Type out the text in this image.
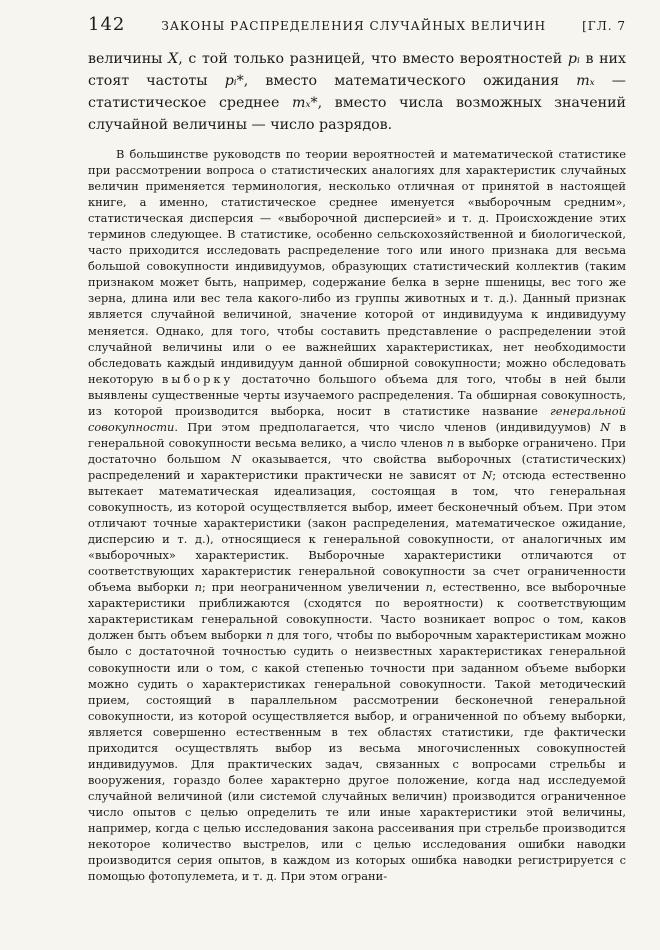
142	ЗАКОНЫ РАСПРЕДЕЛЕНИЯ СЛУЧАЙНЫХ ВЕЛИЧИН	[ГЛ. 7

величины X, с той только разницей, что вместо вероятностей pᵢ в них стоят частоты pᵢ*, вместо математического ожидания mₓ — статистическое среднее mₓ*, вместо числа возможных значений случайной величины — число разрядов.

В большинстве руководств по теории вероятностей и математической статистике при рассмотрении вопроса о статистических аналогиях для характеристик случайных величин применяется терминология, несколько отличная от принятой в настоящей книге, а именно, статистическое среднее именуется «выборочным средним», статистическая дисперсия — «выборочной дисперсией» и т. д. Происхождение этих терминов следующее. В статистике, особенно сельскохозяйственной и биологической, часто приходится исследовать распределение того или иного признака для весьма большой совокупности индивидуумов, образующих статистический коллектив (таким признаком может быть, например, содержание белка в зерне пшеницы, вес того же зерна, длина или вес тела какого-либо из группы животных и т. д.). Данный признак является случайной величиной, значение которой от индивидуума к индивидууму меняется. Однако, для того, чтобы составить представление о распределении этой случайной величины или о ее важнейших характеристиках, нет необходимости обследовать каждый индивидуум данной обширной совокупности; можно обследовать некоторую выборку достаточно большого объема для того, чтобы в ней были выявлены существенные черты изучаемого распределения. Та обширная совокупность, из которой производится выборка, носит в статистике название генеральной совокупности. При этом предполагается, что число членов (индивидуумов) N в генеральной совокупности весьма велико, а число членов n в выборке ограничено. При достаточно большом N оказывается, что свойства выборочных (статистических) распределений и характеристики практически не зависят от N; отсюда естественно вытекает математическая идеализация, состоящая в том, что генеральная совокупность, из которой осуществляется выбор, имеет бесконечный объем. При этом отличают точные характеристики (закон распределения, математическое ожидание, дисперсию и т. д.), относящиеся к генеральной совокупности, от аналогичных им «выборочных» характеристик. Выборочные характеристики отличаются от соответствующих характеристик генеральной совокупности за счет ограниченности объема выборки n; при неограниченном увеличении n, естественно, все выборочные характеристики приближаются (сходятся по вероятности) к соответствующим характеристикам генеральной совокупности. Часто возникает вопрос о том, каков должен быть объем выборки n для того, чтобы по выборочным характеристикам можно было с достаточной точностью судить о неизвестных характеристиках генеральной совокупности или о том, с какой степенью точности при заданном объеме выборки можно судить о характеристиках генеральной совокупности. Такой методический прием, состоящий в параллельном рассмотрении бесконечной генеральной совокупности, из которой осуществляется выбор, и ограниченной по объему выборки, является совершенно естественным в тех областях статистики, где фактически приходится осуществлять выбор из весьма многочисленных совокупностей индивидуумов. Для практических задач, связанных с вопросами стрельбы и вооружения, гораздо более характерно другое положение, когда над исследуемой случайной величиной (или системой случайных величин) производится ограниченное число опытов с целью определить те или иные характеристики этой величины, например, когда с целью исследования закона рассеивания при стрельбе производится некоторое количество выстрелов, или с целью исследования ошибки наводки производится серия опытов, в каждом из которых ошибка наводки регистрируется с помощью фотопулемета, и т. д. При этом ограни-
